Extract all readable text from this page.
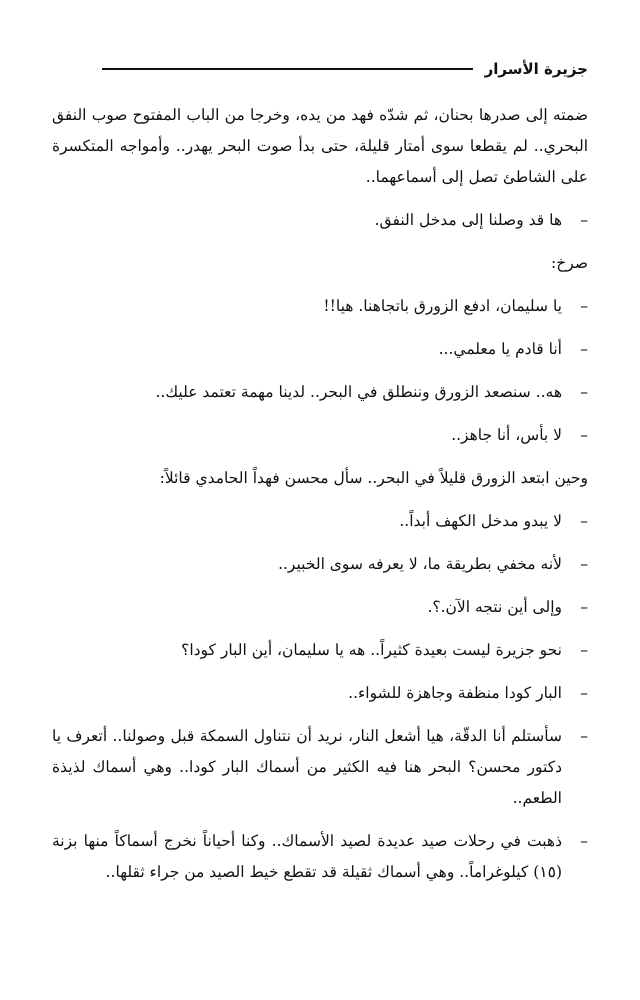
جزيرة الأسرار

ضمته إلى صدرها بحنان، ثم شدّه فهد من يده، وخرجا من الباب المفتوح صوب النفق البحري.. لم يقطعا سوى أمتار قليلة، حتى بدأ صوت البحر يهدر.. وأمواجه المتكسرة على الشاطئ تصل إلى أسماعهما..

–
ها قد وصلنا إلى مدخل النفق.

صرخ:

–
يا سليمان، ادفع الزورق باتجاهنا. هيا!!
–
أنا قادم يا معلمي...
–
هه.. سنصعد الزورق وننطلق في البحر.. لدينا مهمة تعتمد عليك..
–
لا بأس، أنا جاهز..

وحين ابتعد الزورق قليلاً في البحر.. سأل محسن فهداً الحامدي قائلاً:

–
لا يبدو مدخل الكهف أبداً..
–
لأنه مخفي بطريقة ما، لا يعرفه سوى الخبير..
–
وإلى أين نتجه الآن.؟.
–
نحو جزيرة ليست بعيدة كثيراً.. هه يا سليمان، أين البار كودا؟
–
البار كودا منظفة وجاهزة للشواء..
–
سأستلم أنا الدقّة، هيا أشعل النار، نريد أن نتناول السمكة قبل وصولنا.. أتعرف يا دكتور محسن؟ البحر هنا فيه الكثير من أسماك البار كودا.. وهي أسماك لذيذة الطعم..
–
ذهبت في رحلات صيد عديدة لصيد الأسماك.. وكنا أحياناً نخرج أسماكاً منها بزنة (١٥) كيلوغراماً.. وهي أسماك ثقيلة قد تقطع خيط الصيد من جراء ثقلها..
